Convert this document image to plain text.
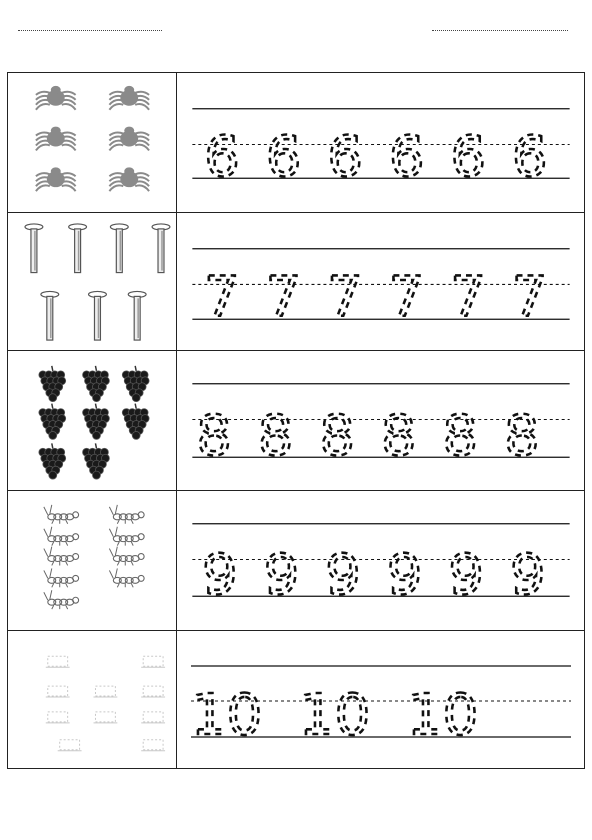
6 6 6 6 6 6
7 7 7 7 7 7
8 8 8 8 8 8
9 9 9 9 9 9
10 10 10
